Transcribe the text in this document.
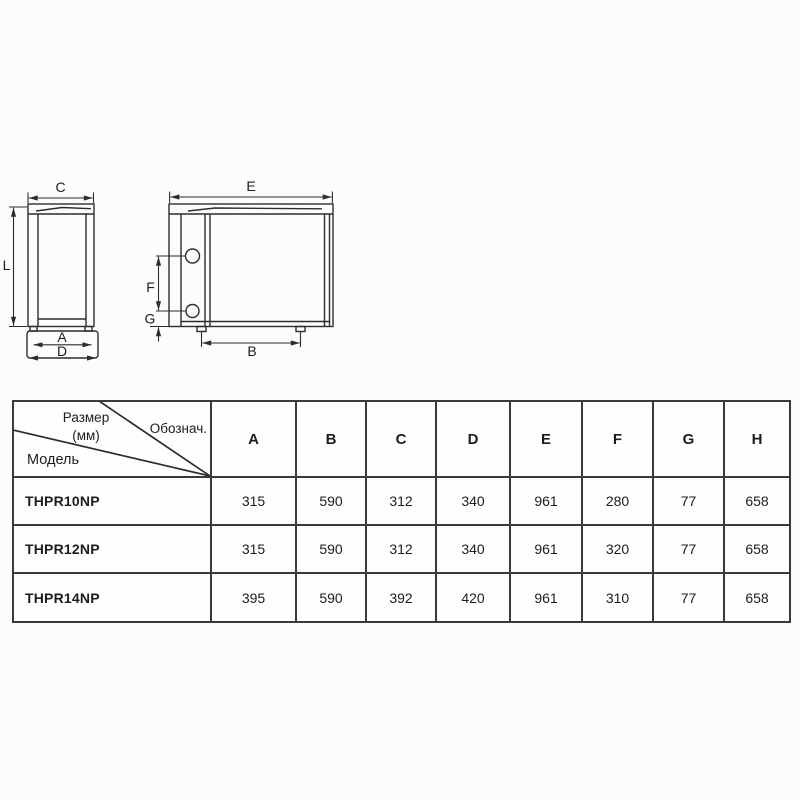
C	E
L
A
D
F
G
B
Размер
(мм)	Обознач.
Модель
A	B	C	D	E	F	G	H
THPR10NP	315	590	312	340	961	280	77	658
THPR12NP	315	590	312	340	961	320	77	658
THPR14NP	395	590	392	420	961	310	77	658
